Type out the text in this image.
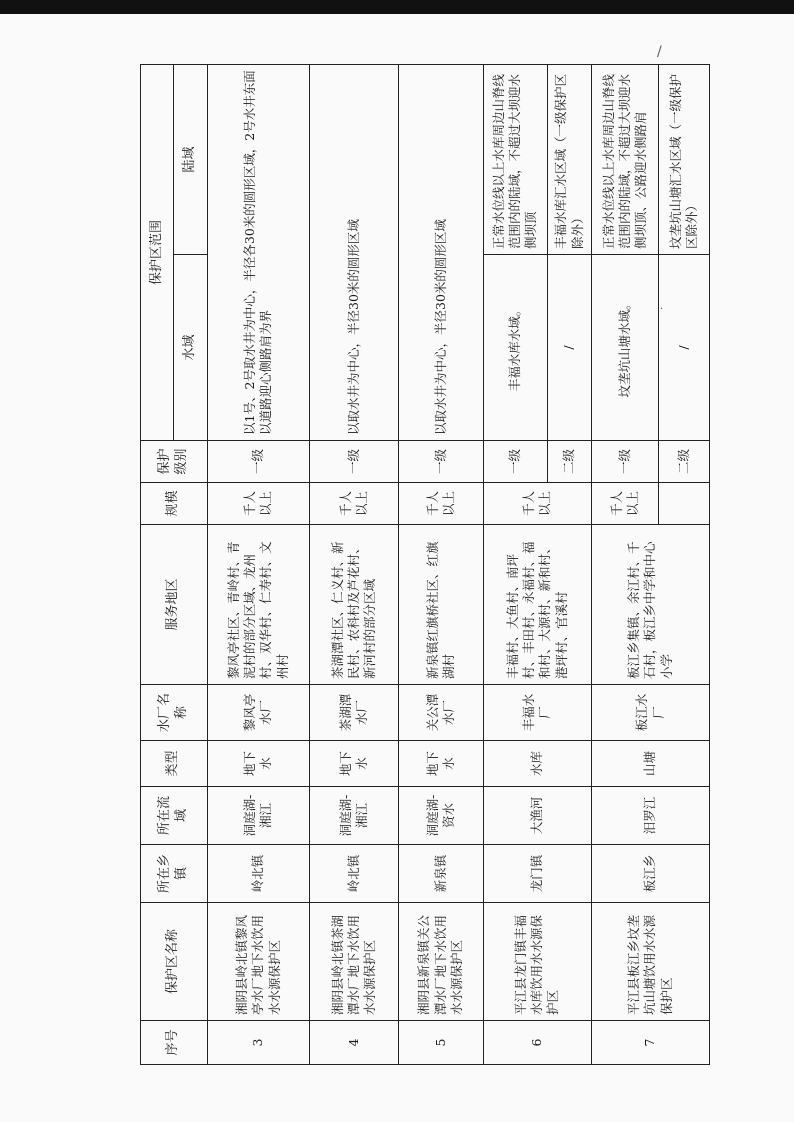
/
·
序号	保护区名称	所在乡镇	所在流域	类型	水厂名称	服务地区	规模	保护级别	保护区范围	
									水域	陆域
3	湘阴县岭北镇黎风亭水厂地下水饮用水水源保护区	岭北镇	洞庭湖-湘江	地下水	黎风亭水厂	黎风亭社区、青岭村、青泥村的部分区域、龙州村、双华村、仁寿村、文州村	千人以上	一级	以1号、2号取水井为中心，半径各30米的圆形区域，2号水井东面以道路迎心侧路肩为界	
4	湘阴县岭北镇茶湖潭水厂地下水饮用水水源保护区	岭北镇	洞庭湖-湘江	地下水	茶湖潭水厂	茶湖潭社区、仁义村、新民村、农科村及芦花村、新河村的部分区域	千人以上	一级	以取水井为中心，半径30米的圆形区域	
5	湘阴县新泉镇关公潭水厂地下水饮用水水源保护区	新泉镇	洞庭湖-资水	地下水	关公潭水厂	新泉镇红旗桥社区、红旗湖村	千人以上	一级	以取水井为中心，半径30米的圆形区域	
6	平江县龙门镇丰福水库饮用水水源保护区	龙门镇	大渔河	水库	丰福水厂	丰福村、大鱼村、南坪村、丰田村、永福村、福和村、大源村、新和村、港坪村、官溪村	千人以上	一级	丰福水库水域。	正常水位线以上水库周边山脊线范围内的陆域，不超过大坝迎水侧坝顶
								二级	/	丰福水库汇水区域（一级保护区除外）
7	平江县板江乡坟垄坑山塘饮用水水源保护区	板江乡	汨罗江	山塘	板江水厂	板江乡集镇、余江村、千石村，板江乡中学和中心小学	千人以上	一级	坟垄坑山塘水域。	正常水位线以上水库周边山脊线范围内的陆域，不超过大坝迎水侧坝顶、公路迎水侧路肩
								二级	/	坟垄坑山塘汇水区域（一级保护区除外）
